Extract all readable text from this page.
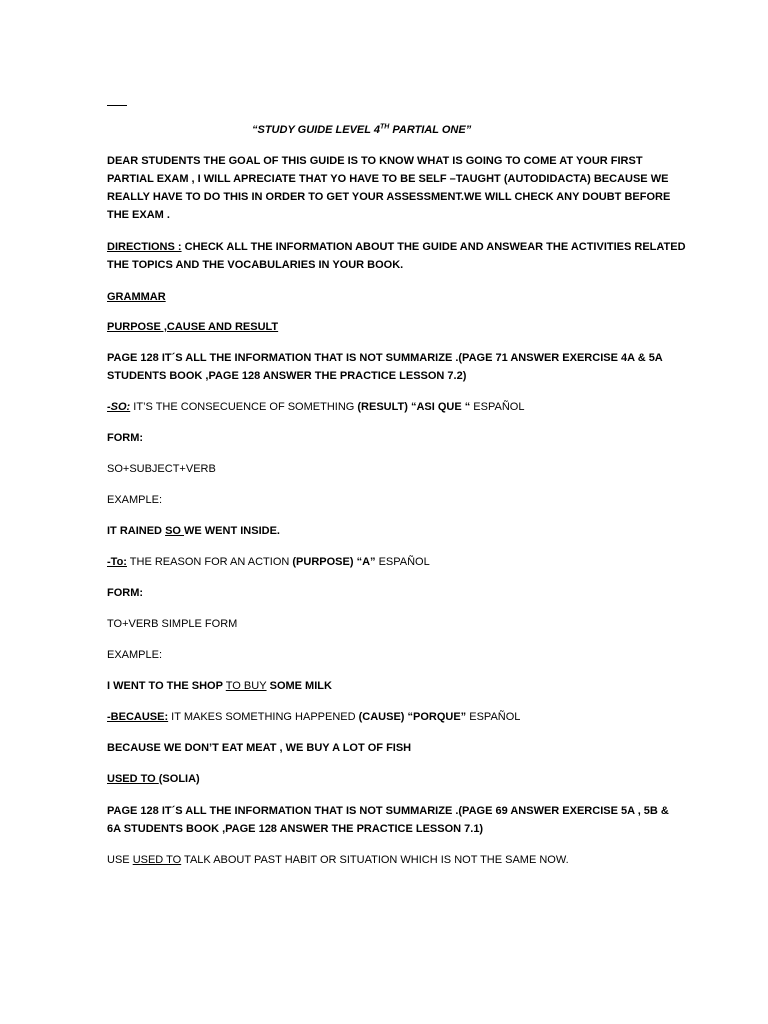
“STUDY GUIDE LEVEL 4TH PARTIAL ONE”
DEAR STUDENTS THE GOAL OF THIS GUIDE IS TO KNOW WHAT IS GOING TO COME AT YOUR FIRST
PARTIAL EXAM , I WILL APRECIATE THAT YO HAVE TO BE SELF –TAUGHT (AUTODIDACTA) BECAUSE WE
REALLY HAVE TO DO THIS IN ORDER TO GET YOUR ASSESSMENT.WE WILL CHECK ANY DOUBT BEFORE
THE EXAM .
DIRECTIONS : CHECK ALL THE INFORMATION ABOUT THE GUIDE AND ANSWEAR THE ACTIVITIES RELATED
THE TOPICS AND THE VOCABULARIES IN YOUR BOOK.
GRAMMAR
PURPOSE ,CAUSE AND RESULT
PAGE 128 IT´S ALL THE INFORMATION THAT IS NOT SUMMARIZE .(PAGE 71 ANSWER EXERCISE 4A & 5A
STUDENTS BOOK ,PAGE 128 ANSWER THE PRACTICE LESSON 7.2)
-SO: IT’S THE CONSECUENCE OF SOMETHING (RESULT) “ASI QUE “ ESPAÑOL
FORM:
SO+SUBJECT+VERB
EXAMPLE:
IT RAINED SO WE WENT INSIDE.
-To: THE REASON FOR AN ACTION (PURPOSE) “A” ESPAÑOL
FORM:
TO+VERB SIMPLE FORM
EXAMPLE:
I WENT TO THE SHOP TO BUY SOME MILK
-BECAUSE: IT MAKES SOMETHING HAPPENED (CAUSE) “PORQUE” ESPAÑOL
BECAUSE WE DON’T EAT MEAT , WE BUY A LOT OF FISH
USED TO (SOLIA)
PAGE 128 IT´S ALL THE INFORMATION THAT IS NOT SUMMARIZE .(PAGE 69 ANSWER EXERCISE 5A , 5B &
6A STUDENTS BOOK ,PAGE 128 ANSWER THE PRACTICE LESSON 7.1)
USE USED TO TALK ABOUT PAST HABIT OR SITUATION WHICH IS NOT THE SAME NOW.
